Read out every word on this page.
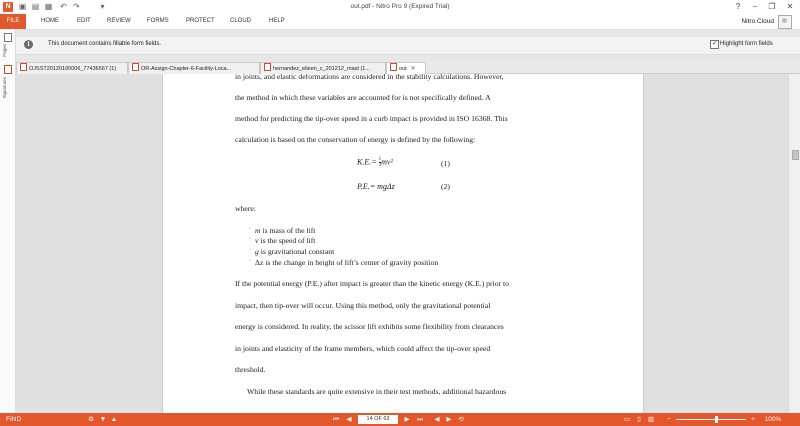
N	▣ ▤ ▦ ↶ ↷	▾	out.pdf - Nitro Pro 9 (Expired Trial)	?	–	❐	✕
FILE	HOME	EDIT	REVIEW	FORMS	PROTECT	CLOUD	HELP	Nitro Cloud
Pages
Signatures
i	This document contains fillable form fields.	✓ Highlight form fields
OJSST20120100006_77436567 (1)	OR-Assign-Chapter-6-Facility-Loca...	hernandez_eileen_c_201212_mast (1...	out ✕
in joints, and elastic deformations are considered in the stability calculations. However,
the method in which these variables are accounted for is not specifically defined. A
method for predicting the tip-over speed in a curb impact is provided in ISO 16368. This
calculation is based on the conservation of energy is defined by the following:
$K.E.= \frac{1}{2} mv^2$	(1)
P.E.= mgΔz	(2)
where:
· m is mass of the lift
· v is the speed of lift
· g is gravitational constant
· Δz is the change in height of lift’s center of gravity position
If the potential energy (P.E.) after impact is greater than the kinetic energy (K.E.) prior to
impact, then tip-over will occur. Using this method, only the gravitational potential
energy is considered. In reality, the scissor lift exhibits some flexibility from clearances
in joints and elasticity of the frame members, which could affect the tip-over speed
threshold.
While these standards are quite extensive in their test methods, additional hazardous
FIND	⚙ ▼ ▲	⏮	◀	14 OF 63	▶	⏭	◀	▶	⟲	▭	▯	▥	−	+	100%
